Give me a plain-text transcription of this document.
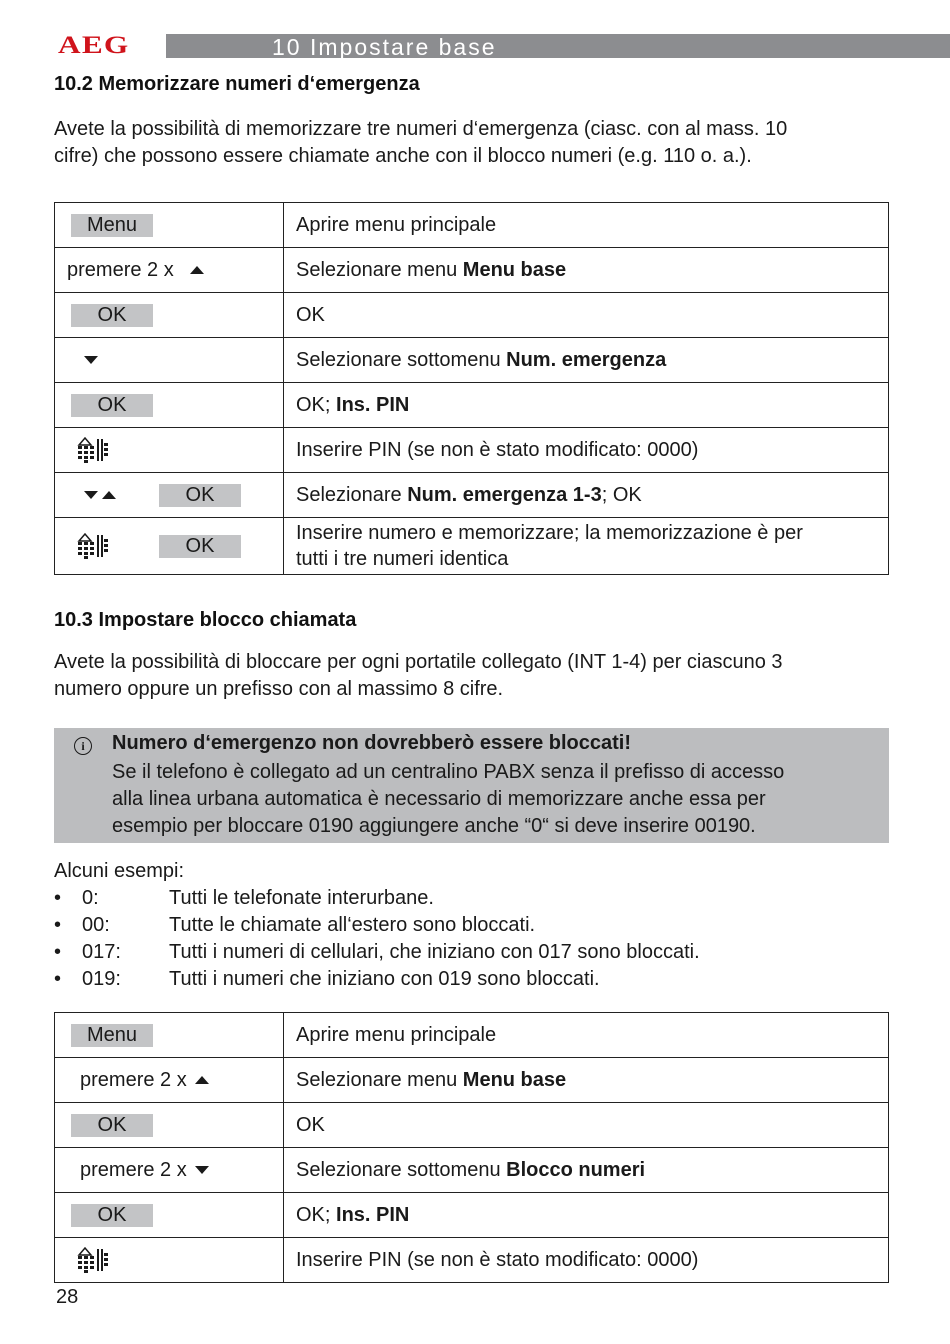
AEG	10 Impostare base
10.2 Memorizzare numeri d‘emergenza

Avete la possibilità di memorizzare tre numeri d‘emergenza (ciasc. con al mass. 10
cifre) che possono essere chiamate anche con il blocco numeri (e.g. 110 o. a.).

Menu	Aprire menu principale

premere 2 x	Selezionare menu Menu base

OK	OK

	Selezionare sottomenu Num. emergenza

OK	OK; Ins. PIN

	Inserire PIN (se non è stato modificato: 0000)

OK	Selezionare Num. emergenza 1-3; OK

OK	Inserire numero e memorizzare; la memorizzazione è per
tutti i tre numeri identica
10.3 Impostare blocco chiamata

Avete la possibilità di bloccare per ogni portatile collegato (INT 1-4) per ciascuno 3
numero oppure un prefisso con al massimo 8 cifre.

i	Numero d‘emergenzo non dovrebberò essere bloccati!
Se il telefono è collegato ad un centralino PABX senza il prefisso di accesso
alla linea urbana automatica è necessario di memorizzare anche essa per
esempio per bloccare 0190 aggiungere anche “0“ si deve inserire 00190.
Alcuni esempi:
•	0:	Tutti le telefonate interurbane.
•	00:	Tutte le chiamate all‘estero sono bloccati.
•	017:	Tutti i numeri di cellulari, che iniziano con 017 sono bloccati.
•	019:	Tutti i numeri che iniziano con 019 sono bloccati.
Menu	Aprire menu principale

premere 2 x	Selezionare menu Menu base

OK	OK

premere 2 x	Selezionare sottomenu Blocco numeri

OK	OK; Ins. PIN

	Inserire PIN (se non è stato modificato: 0000)
28
